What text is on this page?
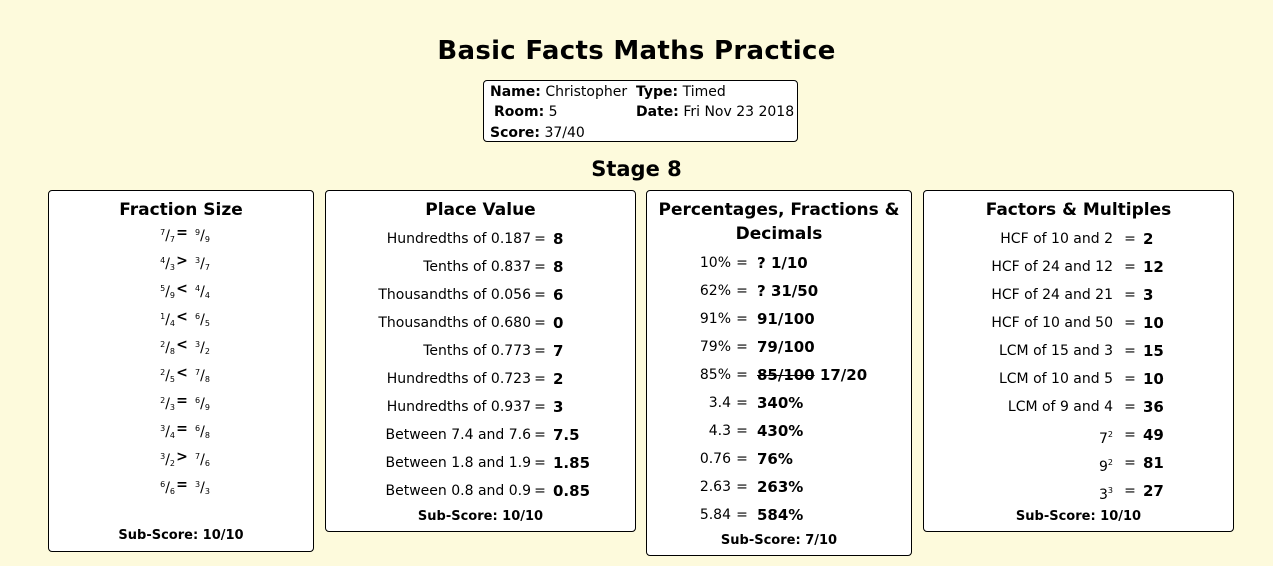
Basic Facts Maths Practice
Name: Christopher Type: Timed
Room: 5	Date: Fri Nov 23 2018
Score: 37/40
Stage 8
Fraction Size
$^7/_7 = ^9/_9$
$^4/_3 > ^3/_7$
$^5/_9 < ^4/_4$
$^1/_4 < ^6/_5$
$^2/_8 < ^3/_2$
$^2/_5 < ^7/_8$
$^2/_3 = ^6/_9$
$^3/_4 = ^6/_8$
$^3/_2 > ^7/_6$
$^6/_6 = ^3/_3$
Sub-Score: 10/10
Place Value
Hundredths of 0.187 = 8
Tenths of 0.837 = 8
Thousandths of 0.056 = 6
Thousandths of 0.680 = 0
Tenths of 0.773 = 7
Hundredths of 0.723 = 2
Hundredths of 0.937 = 3
Between 7.4 and 7.6 = 7.5
Between 1.8 and 1.9 = 1.85
Between 0.8 and 0.9 = 0.85
Sub-Score: 10/10
Percentages, Fractions &
Decimals
10% = ? 1/10
62% = ? 31/50
91% = 91/100
79% = 79/100
85% = 85/100 17/20
3.4 = 340%
4.3 = 430%
0.76 = 76%
2.63 = 263%
5.84 = 584%
Sub-Score: 7/10
Factors & Multiples
HCF of 10 and 2 = 2
HCF of 24 and 12 = 12
HCF of 24 and 21 = 3
HCF of 10 and 50 = 10
LCM of 15 and 3 = 15
LCM of 10 and 5 = 10
LCM of 9 and 4 = 36
$7^2 = 49$
$9^2 = 81$
$3^3 = 27$
Sub-Score: 10/10
